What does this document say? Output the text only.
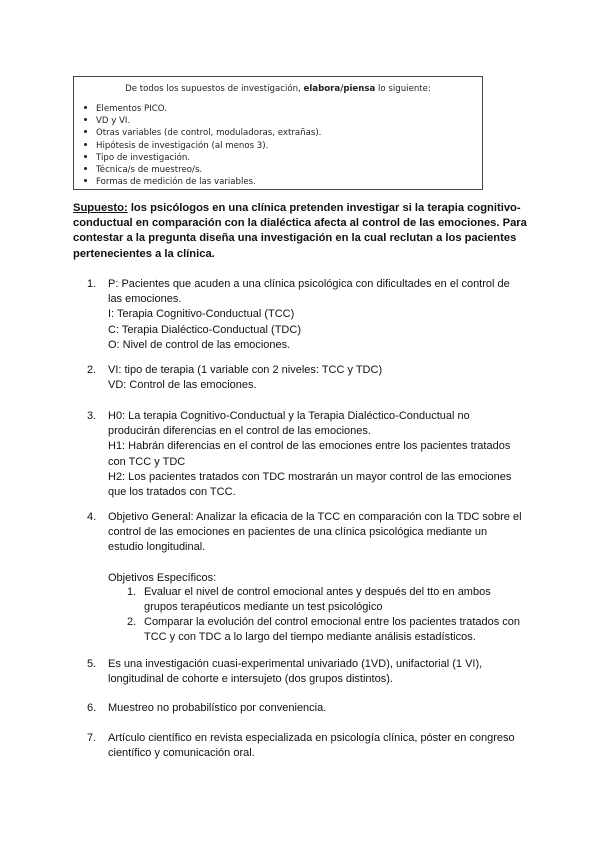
De todos los supuestos de investigación, elabora/piensa lo siguiente:
Elementos PICO.
VD y VI.
Otras variables (de control, moduladoras, extrañas).
Hipótesis de investigación (al menos 3).
Tipo de investigación.
Técnica/s de muestreo/s.
Formas de medición de las variables.
Supuesto: los psicólogos en una clínica pretenden investigar si la terapia cognitivo-
conductual en comparación con la dialéctica afecta al control de las emociones. Para
contestar a la pregunta diseña una investigación en la cual reclutan a los pacientes
pertenecientes a la clínica.
1. P: Pacientes que acuden a una clínica psicológica con dificultades en el control de
las emociones.
I: Terapia Cognitivo-Conductual (TCC)
C: Terapia Dialéctico-Conductual (TDC)
O: Nivel de control de las emociones.
2. VI: tipo de terapia (1 variable con 2 niveles: TCC y TDC)
VD: Control de las emociones.
3. H0: La terapia Cognitivo-Conductual y la Terapia Dialéctico-Conductual no
producirán diferencias en el control de las emociones.
H1: Habrán diferencias en el control de las emociones entre los pacientes tratados
con TCC y TDC
H2: Los pacientes tratados con TDC mostrarán un mayor control de las emociones
que los tratados con TCC.
4. Objetivo General: Analizar la eficacia de la TCC en comparación con la TDC sobre el
control de las emociones en pacientes de una clínica psicológica mediante un
estudio longitudinal.

Objetivos Específicos:
1. Evaluar el nivel de control emocional antes y después del tto en ambos
grupos terapéuticos mediante un test psicológico
2. Comparar la evolución del control emocional entre los pacientes tratados con
TCC y con TDC a lo largo del tiempo mediante análisis estadísticos.
5. Es una investigación cuasi-experimental univariado (1VD), unifactorial (1 VI),
longitudinal de cohorte e intersujeto (dos grupos distintos).
6. Muestreo no probabilístico por conveniencia.
7. Artículo científico en revista especializada en psicología clínica, póster en congreso
científico y comunicación oral.
